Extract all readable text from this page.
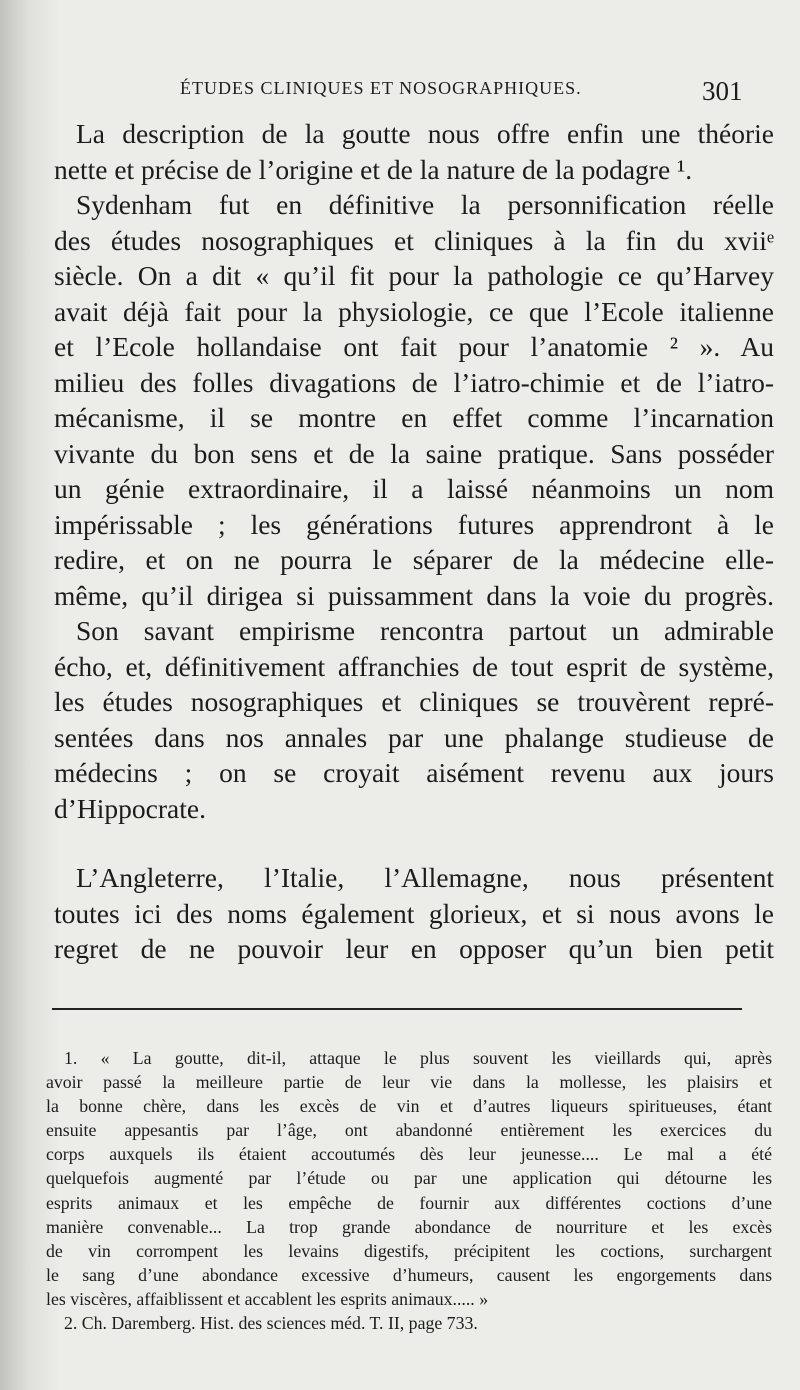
ÉTUDES CLINIQUES ET NOSOGRAPHIQUES.	301

La description de la goutte nous offre enfin une théorie
nette et précise de l’origine et de la nature de la podagre ¹.

Sydenham fut en définitive la personnification réelle
des études nosographiques et cliniques à la fin du xviiᵉ
siècle. On a dit « qu’il fit pour la pathologie ce qu’Harvey
avait déjà fait pour la physiologie, ce que l’Ecole italienne
et l’Ecole hollandaise ont fait pour l’anatomie ² ». Au
milieu des folles divagations de l’iatro-chimie et de l’iatro-
mécanisme, il se montre en effet comme l’incarnation
vivante du bon sens et de la saine pratique. Sans posséder
un génie extraordinaire, il a laissé néanmoins un nom
impérissable ; les générations futures apprendront à le
redire, et on ne pourra le séparer de la médecine elle-
même, qu’il dirigea si puissamment dans la voie du progrès.

Son savant empirisme rencontra partout un admirable
écho, et, définitivement affranchies de tout esprit de système,
les études nosographiques et cliniques se trouvèrent repré-
sentées dans nos annales par une phalange studieuse de
médecins ; on se croyait aisément revenu aux jours
d’Hippocrate.

L’Angleterre, l’Italie, l’Allemagne, nous présentent
toutes ici des noms également glorieux, et si nous avons le
regret de ne pouvoir leur en opposer qu’un bien petit

1. « La goutte, dit-il, attaque le plus souvent les vieillards qui, après
avoir passé la meilleure partie de leur vie dans la mollesse, les plaisirs et
la bonne chère, dans les excès de vin et d’autres liqueurs spiritueuses, étant
ensuite appesantis par l’âge, ont abandonné entièrement les exercices du
corps auxquels ils étaient accoutumés dès leur jeunesse.... Le mal a été
quelquefois augmenté par l’étude ou par une application qui détourne les
esprits animaux et les empêche de fournir aux différentes coctions d’une
manière convenable... La trop grande abondance de nourriture et les excès
de vin corrompent les levains digestifs, précipitent les coctions, surchargent
le sang d’une abondance excessive d’humeurs, causent les engorgements dans
les viscères, affaiblissent et accablent les esprits animaux..... »
2. Ch. Daremberg. Hist. des sciences méd. T. II, page 733.
